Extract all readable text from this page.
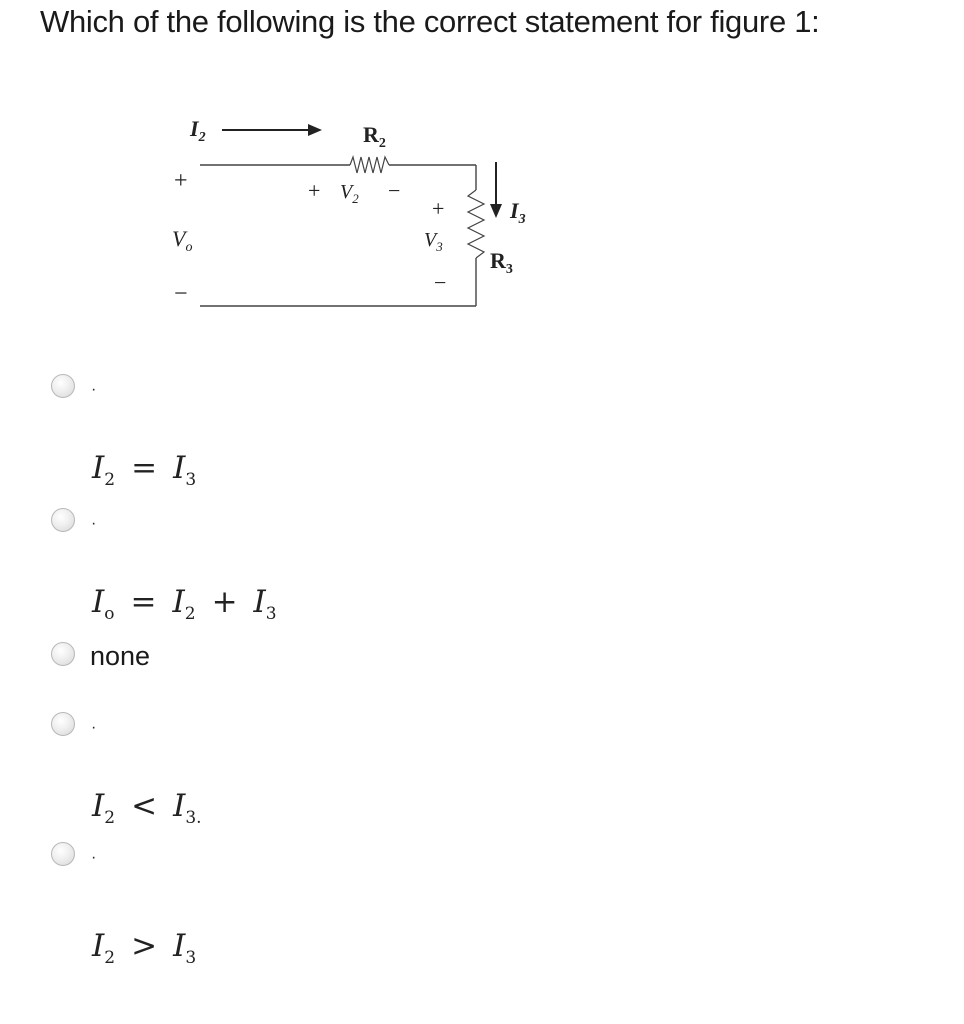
Which of the following is the correct statement for figure 1:
$I_2$	$R_2$
+
$V_o$
−
+ $V_2$ −
+
$V_3$
−
$I_3$
$R_3$
·
$I_2 = I_3$
·
$I_o = I_2 + I_3$
none
·
$I_2 < I_{3.}$
·
$I_2 > I_3$
